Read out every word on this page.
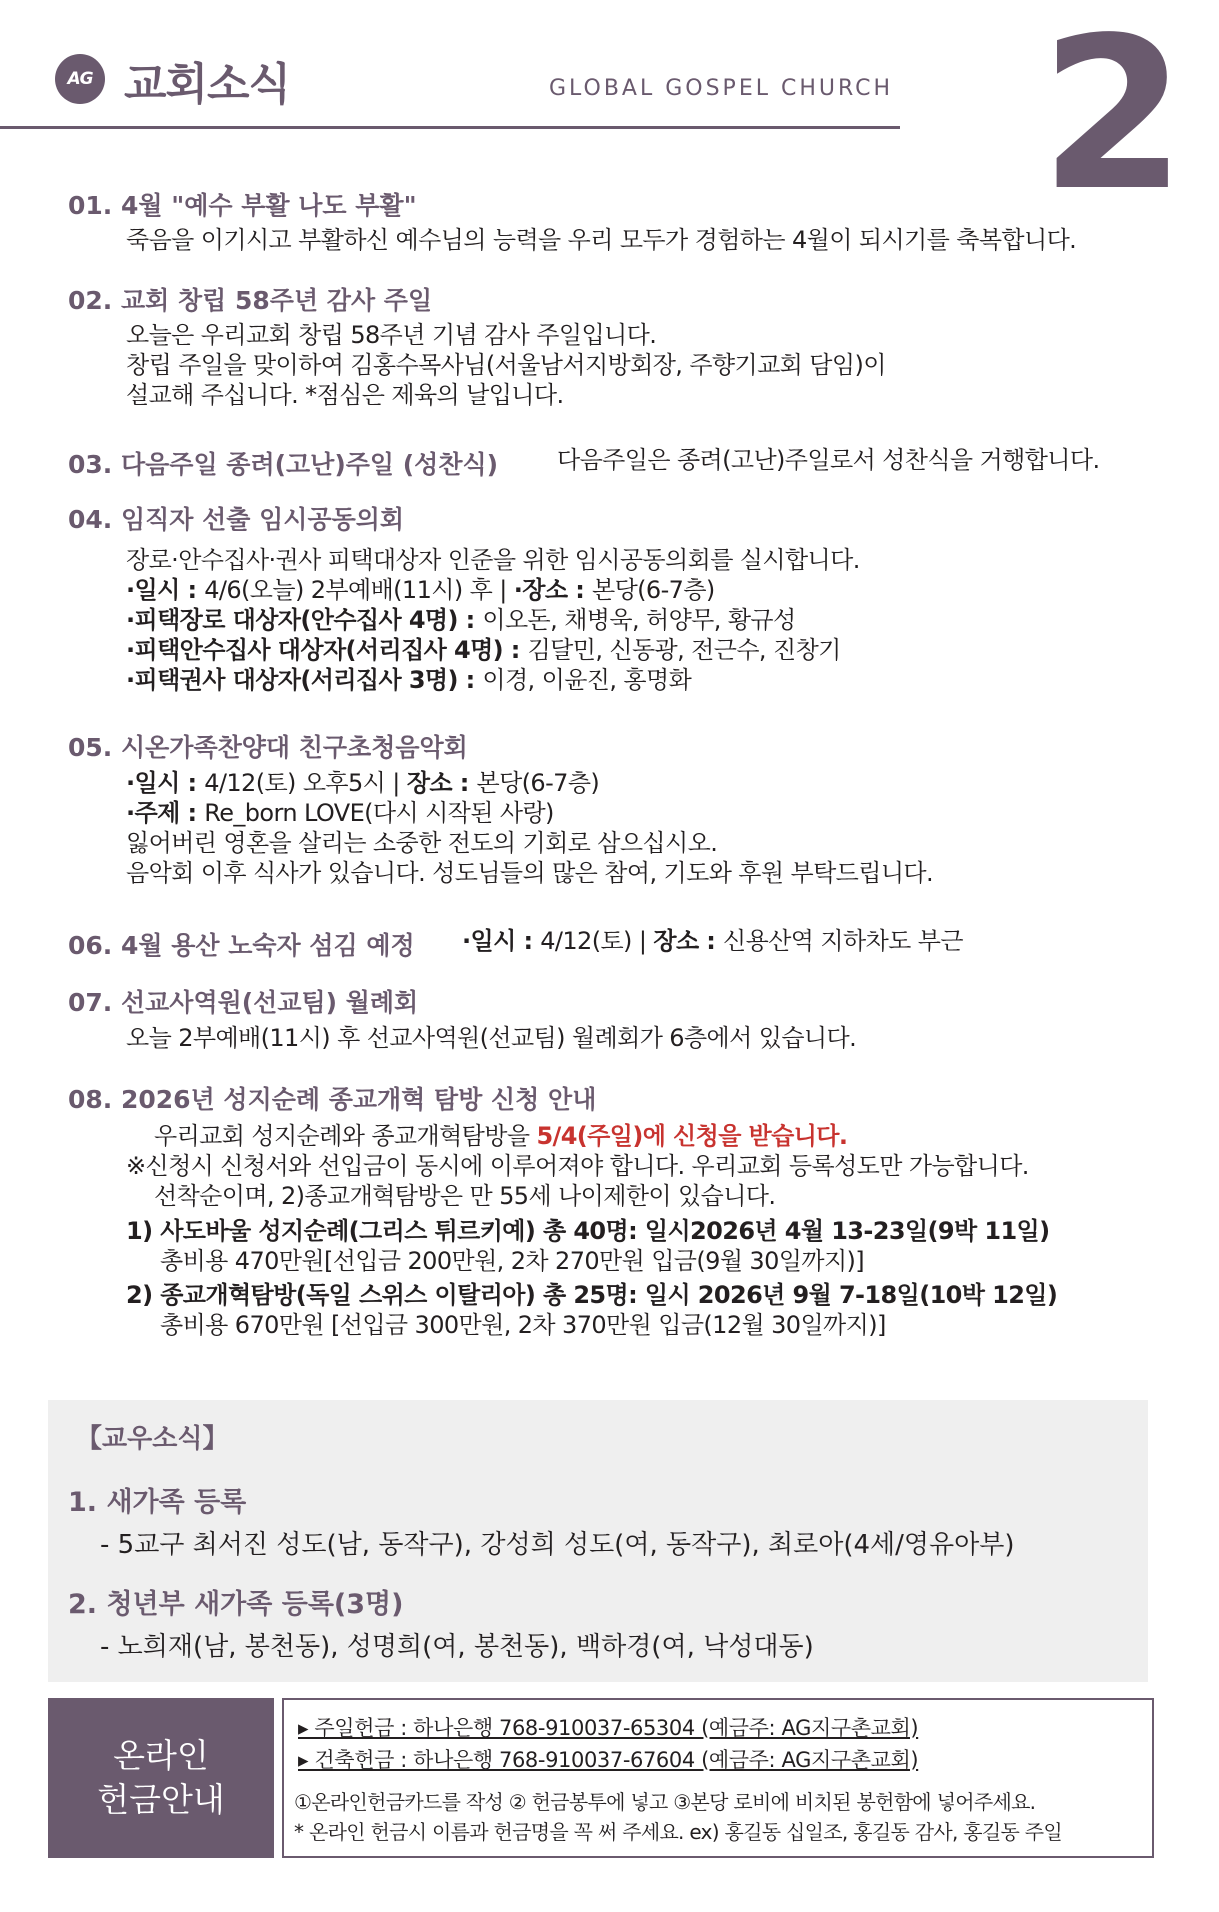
AG 교회소식	GLOBAL GOSPEL CHURCH 2
01. 4월 "예수 부활 나도 부활"
죽음을 이기시고 부활하신 예수님의 능력을 우리 모두가 경험하는 4월이 되시기를 축복합니다.
02. 교회 창립 58주년 감사 주일
오늘은 우리교회 창립 58주년 기념 감사 주일입니다.
창립 주일을 맞이하여 김홍수목사님(서울남서지방회장, 주향기교회 담임)이
설교해 주십니다. *점심은 제육의 날입니다.
03. 다음주일 종려(고난)주일 (성찬식) 다음주일은 종려(고난)주일로서 성찬식을 거행합니다.
04. 임직자 선출 임시공동의회
장로·안수집사·권사 피택대상자 인준을 위한 임시공동의회를 실시합니다.
·일시 : 4/6(오늘) 2부예배(11시) 후 | ·장소 : 본당(6-7층)
·피택장로 대상자(안수집사 4명) : 이오돈, 채병욱, 허양무, 황규성
·피택안수집사 대상자(서리집사 4명) : 김달민, 신동광, 전근수, 진창기
·피택권사 대상자(서리집사 3명) : 이경, 이윤진, 홍명화
05. 시온가족찬양대 친구초청음악회
·일시 : 4/12(토) 오후5시 | 장소 : 본당(6-7층)
·주제 : Re_born LOVE(다시 시작된 사랑)
잃어버린 영혼을 살리는 소중한 전도의 기회로 삼으십시오.
음악회 이후 식사가 있습니다. 성도님들의 많은 참여, 기도와 후원 부탁드립니다.
06. 4월 용산 노숙자 섬김 예정 ·일시 : 4/12(토) | 장소 : 신용산역 지하차도 부근
07. 선교사역원(선교팀) 월례회
오늘 2부예배(11시) 후 선교사역원(선교팀) 월례회가 6층에서 있습니다.
08. 2026년 성지순례 종교개혁 탐방 신청 안내
우리교회 성지순례와 종교개혁탐방을 5/4(주일)에 신청을 받습니다.
※신청시 신청서와 선입금이 동시에 이루어져야 합니다. 우리교회 등록성도만 가능합니다.
선착순이며, 2)종교개혁탐방은 만 55세 나이제한이 있습니다.
1) 사도바울 성지순례(그리스 튀르키예) 총 40명: 일시2026년 4월 13-23일(9박 11일)
총비용 470만원[선입금 200만원, 2차 270만원 입금(9월 30일까지)]
2) 종교개혁탐방(독일 스위스 이탈리아) 총 25명: 일시 2026년 9월 7-18일(10박 12일)
총비용 670만원 [선입금 300만원, 2차 370만원 입금(12월 30일까지)]
【교우소식】
1. 새가족 등록
- 5교구 최서진 성도(남, 동작구), 강성희 성도(여, 동작구), 최로아(4세/영유아부)
2. 청년부 새가족 등록(3명)
- 노희재(남, 봉천동), 성명희(여, 봉천동), 백하경(여, 낙성대동)
온라인
헌금안내
▸ 주일헌금 : 하나은행 768-910037-65304 (예금주: AG지구촌교회)
▸ 건축헌금 : 하나은행 768-910037-67604 (예금주: AG지구촌교회)
①온라인헌금카드를 작성 ② 헌금봉투에 넣고 ③본당 로비에 비치된 봉헌함에 넣어주세요.
* 온라인 헌금시 이름과 헌금명을 꼭 써 주세요. ex) 홍길동 십일조, 홍길동 감사, 홍길동 주일
